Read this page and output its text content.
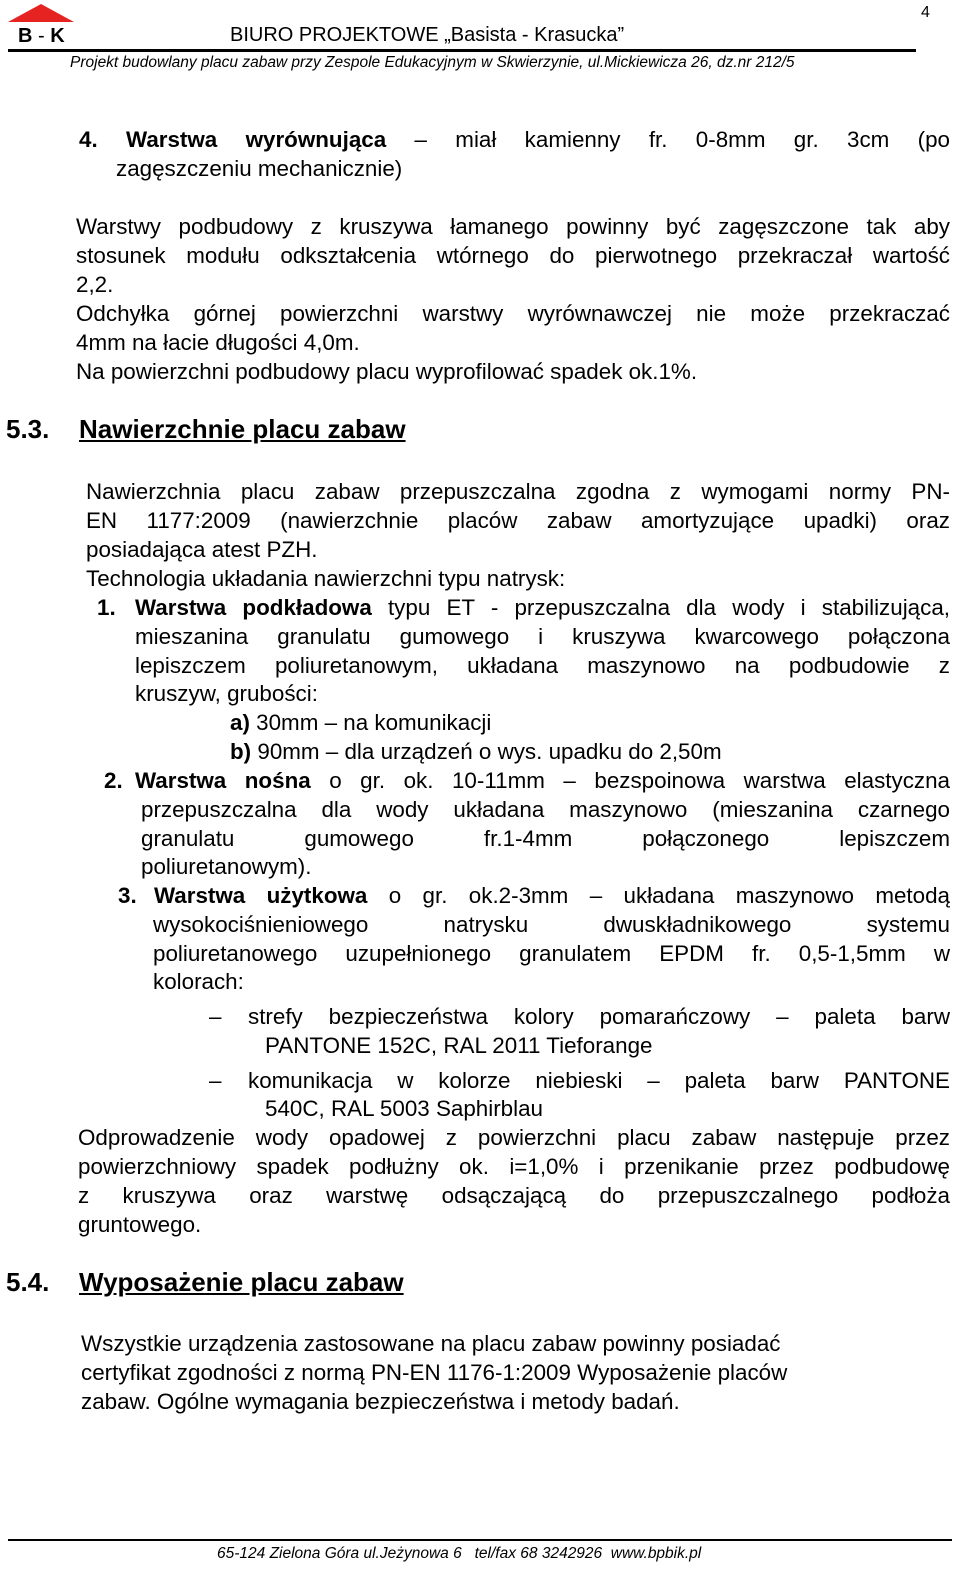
4
B - K	BIURO PROJEKTOWE „Basista - Krasucka”
Projekt budowlany placu zabaw przy Zespole Edukacyjnym w Skwierzynie, ul.Mickiewicza 26, dz.nr 212/5
4. Warstwa wyrównująca – miał kamienny fr. 0-8mm gr. 3cm (po
zagęszczeniu mechanicznie)
Warstwy podbudowy z kruszywa łamanego powinny być zagęszczone tak aby
stosunek modułu odkształcenia wtórnego do pierwotnego przekraczał wartość
2,2.
Odchyłka górnej powierzchni warstwy wyrównawczej nie może przekraczać
4mm na łacie długości 4,0m.
Na powierzchni podbudowy placu wyprofilować spadek ok.1%.
5.3. Nawierzchnie placu zabaw
Nawierzchnia placu zabaw przepuszczalna zgodna z wymogami normy PN-
EN 1177:2009 (nawierzchnie placów zabaw amortyzujące upadki) oraz
posiadająca atest PZH.
Technologia układania nawierzchni typu natrysk:
1. Warstwa podkładowa typu ET - przepuszczalna dla wody i stabilizująca,
mieszanina granulatu gumowego i kruszywa kwarcowego połączona
lepiszczem poliuretanowym, układana maszynowo na podbudowie z
kruszyw, grubości:
a) 30mm – na komunikacji
b) 90mm – dla urządzeń o wys. upadku do 2,50m
2. Warstwa nośna o gr. ok. 10-11mm – bezspoinowa warstwa elastyczna
przepuszczalna dla wody układana maszynowo (mieszanina czarnego
granulatu gumowego fr.1-4mm połączonego lepiszczem
poliuretanowym).
3. Warstwa użytkowa o gr. ok.2-3mm – układana maszynowo metodą
wysokociśnieniowego natrysku dwuskładnikowego systemu
poliuretanowego uzupełnionego granulatem EPDM fr. 0,5-1,5mm w
kolorach:
– strefy bezpieczeństwa kolory pomarańczowy – paleta barw
PANTONE 152C, RAL 2011 Tieforange
– komunikacja w kolorze niebieski – paleta barw PANTONE
540C, RAL 5003 Saphirblau
Odprowadzenie wody opadowej z powierzchni placu zabaw następuje przez
powierzchniowy spadek podłużny ok. i=1,0% i przenikanie przez podbudowę
z kruszywa oraz warstwę odsączającą do przepuszczalnego podłoża
gruntowego.
5.4. Wyposażenie placu zabaw
Wszystkie urządzenia zastosowane na placu zabaw powinny posiadać
certyfikat zgodności z normą PN-EN 1176-1:2009 Wyposażenie placów
zabaw. Ogólne wymagania bezpieczeństwa i metody badań.
65-124 Zielona Góra ul.Jeżynowa 6   tel/fax 68 3242926  www.bpbik.pl
